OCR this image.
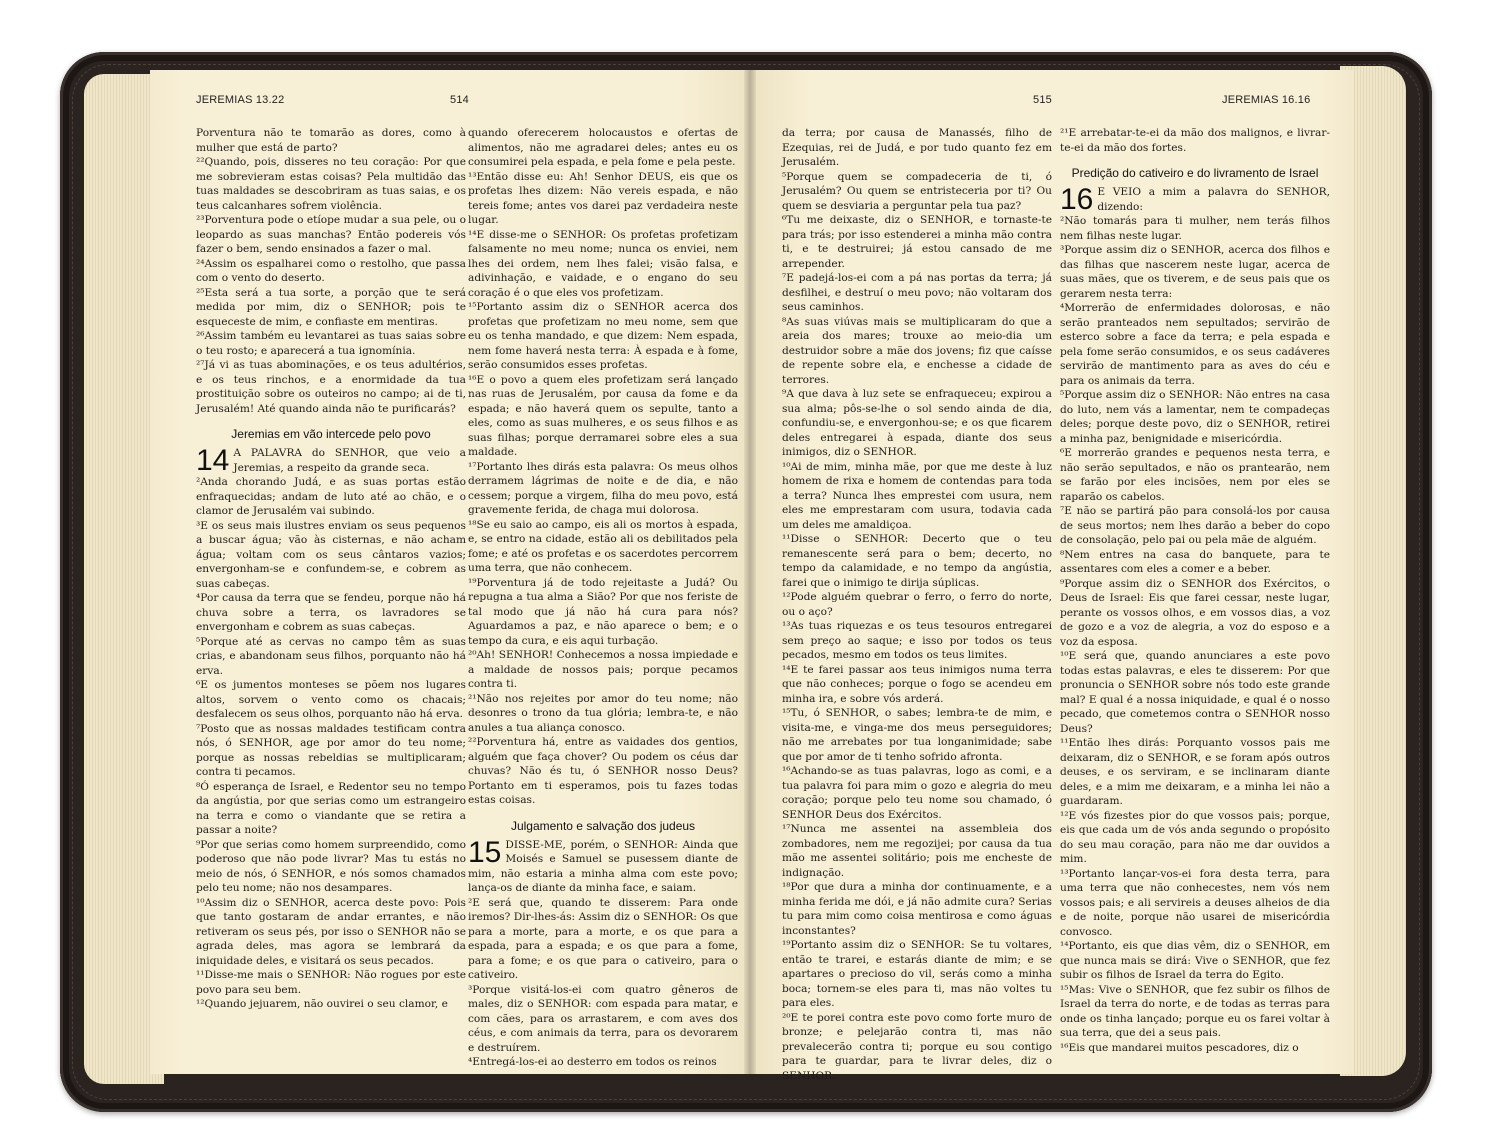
JEREMIAS 13.22	514
Porventura não te tomarão as dores, como à mulher que está de parto?
²²Quando, pois, disseres no teu coração: Por que me sobrevieram estas coisas? Pela multidão das tuas maldades se descobriram as tuas saias, e os teus calcanhares sofrem violência.
²³Porventura pode o etíope mudar a sua pele, ou o leopardo as suas manchas? Então podereis vós fazer o bem, sendo ensinados a fazer o mal.
²⁴Assim os espalharei como o restolho, que passa com o vento do deserto.
²⁵Esta será a tua sorte, a porção que te será medida por mim, diz o SENHOR; pois te esqueceste de mim, e confiaste em mentiras.
²⁶Assim também eu levantarei as tuas saias sobre o teu rosto; e aparecerá a tua ignomínia.
²⁷Já vi as tuas abominações, e os teus adultérios, e os teus rinchos, e a enormidade da tua prostituição sobre os outeiros no campo; ai de ti, Jerusalém! Até quando ainda não te purificarás?
Jeremias em vão intercede pelo povo
14 A PALAVRA do SENHOR, que veio a Jeremias, a respeito da grande seca.
²Anda chorando Judá, e as suas portas estão enfraquecidas; andam de luto até ao chão, e o clamor de Jerusalém vai subindo.
³E os seus mais ilustres enviam os seus pequenos a buscar água; vão às cisternas, e não acham água; voltam com os seus cântaros vazios; envergonham-se e confundem-se, e cobrem as suas cabeças.
⁴Por causa da terra que se fendeu, porque não há chuva sobre a terra, os lavradores se envergonham e cobrem as suas cabeças.
⁵Porque até as cervas no campo têm as suas crias, e abandonam seus filhos, porquanto não há erva.
⁶E os jumentos monteses se põem nos lugares altos, sorvem o vento como os chacais; desfalecem os seus olhos, porquanto não há erva.
⁷Posto que as nossas maldades testificam contra nós, ó SENHOR, age por amor do teu nome; porque as nossas rebeldias se multiplicaram; contra ti pecamos.
⁸Ó esperança de Israel, e Redentor seu no tempo da angústia, por que serias como um estrangeiro na terra e como o viandante que se retira a passar a noite?
⁹Por que serias como homem surpreendido, como poderoso que não pode livrar? Mas tu estás no meio de nós, ó SENHOR, e nós somos chamados pelo teu nome; não nos desampares.
¹⁰Assim diz o SENHOR, acerca deste povo: Pois que tanto gostaram de andar errantes, e não retiveram os seus pés, por isso o SENHOR não se agrada deles, mas agora se lembrará da iniquidade deles, e visitará os seus pecados.
¹¹Disse-me mais o SENHOR: Não rogues por este povo para seu bem.
¹²Quando jejuarem, não ouvirei o seu clamor, e
quando oferecerem holocaustos e ofertas de alimentos, não me agradarei deles; antes eu os consumirei pela espada, e pela fome e pela peste.
¹³Então disse eu: Ah! Senhor DEUS, eis que os profetas lhes dizem: Não vereis espada, e não tereis fome; antes vos darei paz verdadeira neste lugar.
¹⁴E disse-me o SENHOR: Os profetas profetizam falsamente no meu nome; nunca os enviei, nem lhes dei ordem, nem lhes falei; visão falsa, e adivinhação, e vaidade, e o engano do seu coração é o que eles vos profetizam.
¹⁵Portanto assim diz o SENHOR acerca dos profetas que profetizam no meu nome, sem que eu os tenha mandado, e que dizem: Nem espada, nem fome haverá nesta terra: À espada e à fome, serão consumidos esses profetas.
¹⁶E o povo a quem eles profetizam será lançado nas ruas de Jerusalém, por causa da fome e da espada; e não haverá quem os sepulte, tanto a eles, como as suas mulheres, e os seus filhos e as suas filhas; porque derramarei sobre eles a sua maldade.
¹⁷Portanto lhes dirás esta palavra: Os meus olhos derramem lágrimas de noite e de dia, e não cessem; porque a virgem, filha do meu povo, está gravemente ferida, de chaga mui dolorosa.
¹⁸Se eu saio ao campo, eis ali os mortos à espada, e, se entro na cidade, estão ali os debilitados pela fome; e até os profetas e os sacerdotes percorrem uma terra, que não conhecem.
¹⁹Porventura já de todo rejeitaste a Judá? Ou repugna a tua alma a Sião? Por que nos feriste de tal modo que já não há cura para nós? Aguardamos a paz, e não aparece o bem; e o tempo da cura, e eis aqui turbação.
²⁰Ah! SENHOR! Conhecemos a nossa impiedade e a maldade de nossos pais; porque pecamos contra ti.
²¹Não nos rejeites por amor do teu nome; não desonres o trono da tua glória; lembra-te, e não anules a tua aliança conosco.
²²Porventura há, entre as vaidades dos gentios, alguém que faça chover? Ou podem os céus dar chuvas? Não és tu, ó SENHOR nosso Deus? Portanto em ti esperamos, pois tu fazes todas estas coisas.
Julgamento e salvação dos judeus
15 DISSE-ME, porém, o SENHOR: Ainda que Moisés e Samuel se pusessem diante de mim, não estaria a minha alma com este povo; lança-os de diante da minha face, e saiam.
²E será que, quando te disserem: Para onde iremos? Dir-lhes-ás: Assim diz o SENHOR: Os que para a morte, para a morte, e os que para a espada, para a espada; e os que para a fome, para a fome; e os que para o cativeiro, para o cativeiro.
³Porque visitá-los-ei com quatro gêneros de males, diz o SENHOR: com espada para matar, e com cães, para os arrastarem, e com aves dos céus, e com animais da terra, para os devorarem e destruírem.
⁴Entregá-los-ei ao desterro em todos os reinos
515	JEREMIAS 16.16
da terra; por causa de Manassés, filho de Ezequias, rei de Judá, e por tudo quanto fez em Jerusalém.
⁵Porque quem se compadeceria de ti, ó Jerusalém? Ou quem se entristeceria por ti? Ou quem se desviaria a perguntar pela tua paz?
⁶Tu me deixaste, diz o SENHOR, e tornaste-te para trás; por isso estenderei a minha mão contra ti, e te destruirei; já estou cansado de me arrepender.
⁷E padejá-los-ei com a pá nas portas da terra; já desfilhei, e destruí o meu povo; não voltaram dos seus caminhos.
⁸As suas viúvas mais se multiplicaram do que a areia dos mares; trouxe ao meio-dia um destruidor sobre a mãe dos jovens; fiz que caísse de repente sobre ela, e enchesse a cidade de terrores.
⁹A que dava à luz sete se enfraqueceu; expirou a sua alma; pôs-se-lhe o sol sendo ainda de dia, confundiu-se, e envergonhou-se; e os que ficarem deles entregarei à espada, diante dos seus inimigos, diz o SENHOR.
¹⁰Ai de mim, minha mãe, por que me deste à luz homem de rixa e homem de contendas para toda a terra? Nunca lhes emprestei com usura, nem eles me emprestaram com usura, todavia cada um deles me amaldiçoa.
¹¹Disse o SENHOR: Decerto que o teu remanescente será para o bem; decerto, no tempo da calamidade, e no tempo da angústia, farei que o inimigo te dirija súplicas.
¹²Pode alguém quebrar o ferro, o ferro do norte, ou o aço?
¹³As tuas riquezas e os teus tesouros entregarei sem preço ao saque; e isso por todos os teus pecados, mesmo em todos os teus limites.
¹⁴E te farei passar aos teus inimigos numa terra que não conheces; porque o fogo se acendeu em minha ira, e sobre vós arderá.
¹⁵Tu, ó SENHOR, o sabes; lembra-te de mim, e visita-me, e vinga-me dos meus perseguidores; não me arrebates por tua longanimidade; sabe que por amor de ti tenho sofrido afronta.
¹⁶Achando-se as tuas palavras, logo as comi, e a tua palavra foi para mim o gozo e alegria do meu coração; porque pelo teu nome sou chamado, ó SENHOR Deus dos Exércitos.
¹⁷Nunca me assentei na assembleia dos zombadores, nem me regozijei; por causa da tua mão me assentei solitário; pois me encheste de indignação.
¹⁸Por que dura a minha dor continuamente, e a minha ferida me dói, e já não admite cura? Serias tu para mim como coisa mentirosa e como águas inconstantes?
¹⁹Portanto assim diz o SENHOR: Se tu voltares, então te trarei, e estarás diante de mim; e se apartares o precioso do vil, serás como a minha boca; tornem-se eles para ti, mas não voltes tu para eles.
²⁰E te porei contra este povo como forte muro de bronze; e pelejarão contra ti, mas não prevalecerão contra ti; porque eu sou contigo para te guardar, para te livrar deles, diz o SENHOR.
²¹E arrebatar-te-ei da mão dos malignos, e livrar-te-ei da mão dos fortes.
Predição do cativeiro e do livramento de Israel
16 E VEIO a mim a palavra do SENHOR, dizendo:
²Não tomarás para ti mulher, nem terás filhos nem filhas neste lugar.
³Porque assim diz o SENHOR, acerca dos filhos e das filhas que nascerem neste lugar, acerca de suas mães, que os tiverem, e de seus pais que os gerarem nesta terra:
⁴Morrerão de enfermidades dolorosas, e não serão pranteados nem sepultados; servirão de esterco sobre a face da terra; e pela espada e pela fome serão consumidos, e os seus cadáveres servirão de mantimento para as aves do céu e para os animais da terra.
⁵Porque assim diz o SENHOR: Não entres na casa do luto, nem vás a lamentar, nem te compadeças deles; porque deste povo, diz o SENHOR, retirei a minha paz, benignidade e misericórdia.
⁶E morrerão grandes e pequenos nesta terra, e não serão sepultados, e não os prantearão, nem se farão por eles incisões, nem por eles se raparão os cabelos.
⁷E não se partirá pão para consolá-los por causa de seus mortos; nem lhes darão a beber do copo de consolação, pelo pai ou pela mãe de alguém.
⁸Nem entres na casa do banquete, para te assentares com eles a comer e a beber.
⁹Porque assim diz o SENHOR dos Exércitos, o Deus de Israel: Eis que farei cessar, neste lugar, perante os vossos olhos, e em vossos dias, a voz de gozo e a voz de alegria, a voz do esposo e a voz da esposa.
¹⁰E será que, quando anunciares a este povo todas estas palavras, e eles te disserem: Por que pronuncia o SENHOR sobre nós todo este grande mal? E qual é a nossa iniquidade, e qual é o nosso pecado, que cometemos contra o SENHOR nosso Deus?
¹¹Então lhes dirás: Porquanto vossos pais me deixaram, diz o SENHOR, e se foram após outros deuses, e os serviram, e se inclinaram diante deles, e a mim me deixaram, e a minha lei não a guardaram.
¹²E vós fizestes pior do que vossos pais; porque, eis que cada um de vós anda segundo o propósito do seu mau coração, para não me dar ouvidos a mim.
¹³Portanto lançar-vos-ei fora desta terra, para uma terra que não conhecestes, nem vós nem vossos pais; e ali servireis a deuses alheios de dia e de noite, porque não usarei de misericórdia convosco.
¹⁴Portanto, eis que dias vêm, diz o SENHOR, em que nunca mais se dirá: Vive o SENHOR, que fez subir os filhos de Israel da terra do Egito.
¹⁵Mas: Vive o SENHOR, que fez subir os filhos de Israel da terra do norte, e de todas as terras para onde os tinha lançado; porque eu os farei voltar à sua terra, que dei a seus pais.
¹⁶Eis que mandarei muitos pescadores, diz o
